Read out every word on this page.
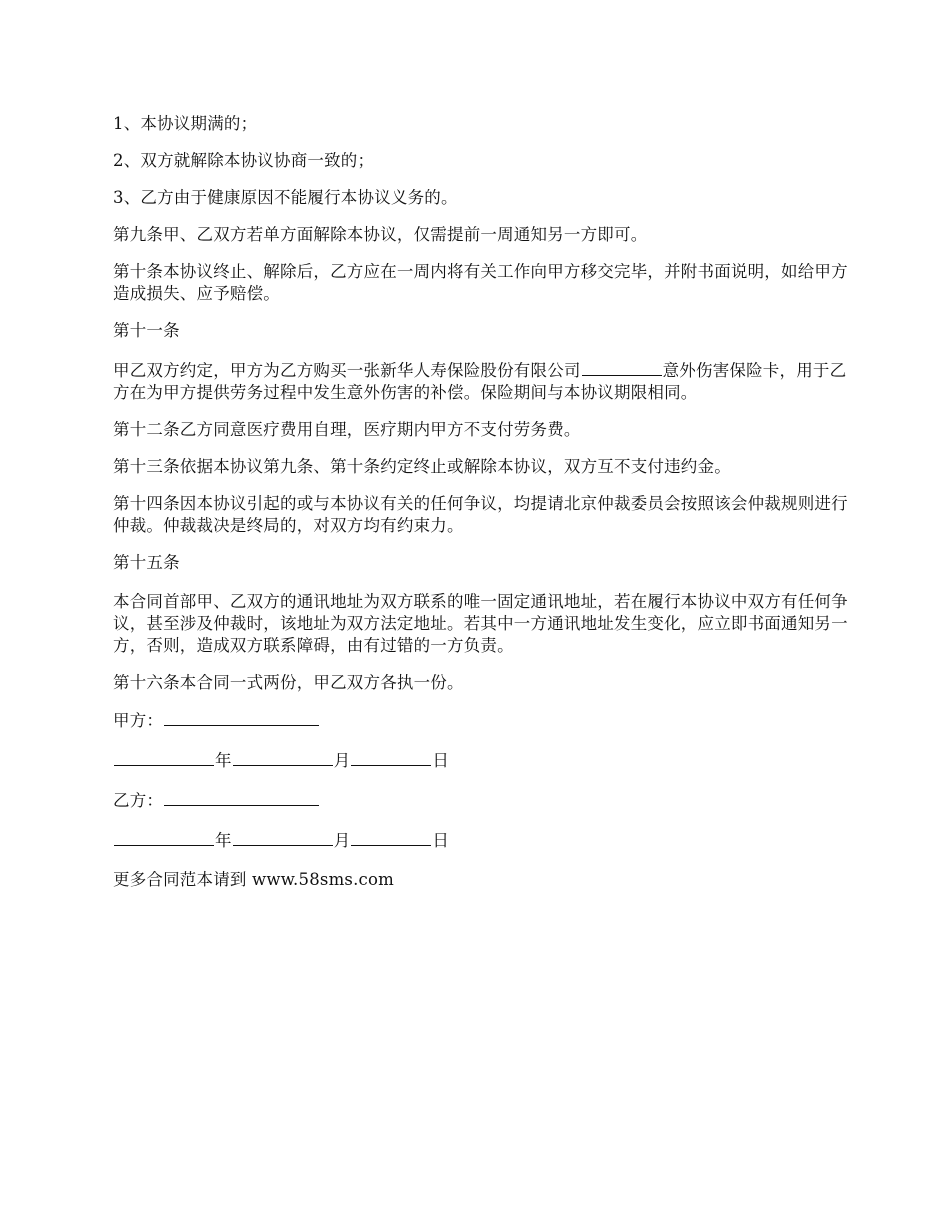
1、本协议期满的；

2、双方就解除本协议协商一致的；

3、乙方由于健康原因不能履行本协议义务的。

第九条甲、乙双方若单方面解除本协议，仅需提前一周通知另一方即可。

第十条本协议终止、解除后，乙方应在一周内将有关工作向甲方移交完毕，并附书面说明，如给甲方造成损失、应予赔偿。

第十一条

甲乙双方约定，甲方为乙方购买一张新华人寿保险股份有限公司	意外伤害保险卡，用于乙方在为甲方提供劳务过程中发生意外伤害的补偿。保险期间与本协议期限相同。

第十二条乙方同意医疗费用自理，医疗期内甲方不支付劳务费。

第十三条依据本协议第九条、第十条约定终止或解除本协议，双方互不支付违约金。

第十四条因本协议引起的或与本协议有关的任何争议，均提请北京仲裁委员会按照该会仲裁规则进行仲裁。仲裁裁决是终局的，对双方均有约束力。

第十五条

本合同首部甲、乙双方的通讯地址为双方联系的唯一固定通讯地址，若在履行本协议中双方有任何争议，甚至涉及仲裁时，该地址为双方法定地址。若其中一方通讯地址发生变化，应立即书面通知另一方，否则，造成双方联系障碍，由有过错的一方负责。

第十六条本合同一式两份，甲乙双方各执一份。

甲方：

年	月	日

乙方：

年	月	日

更多合同范本请到 www.58sms.com
